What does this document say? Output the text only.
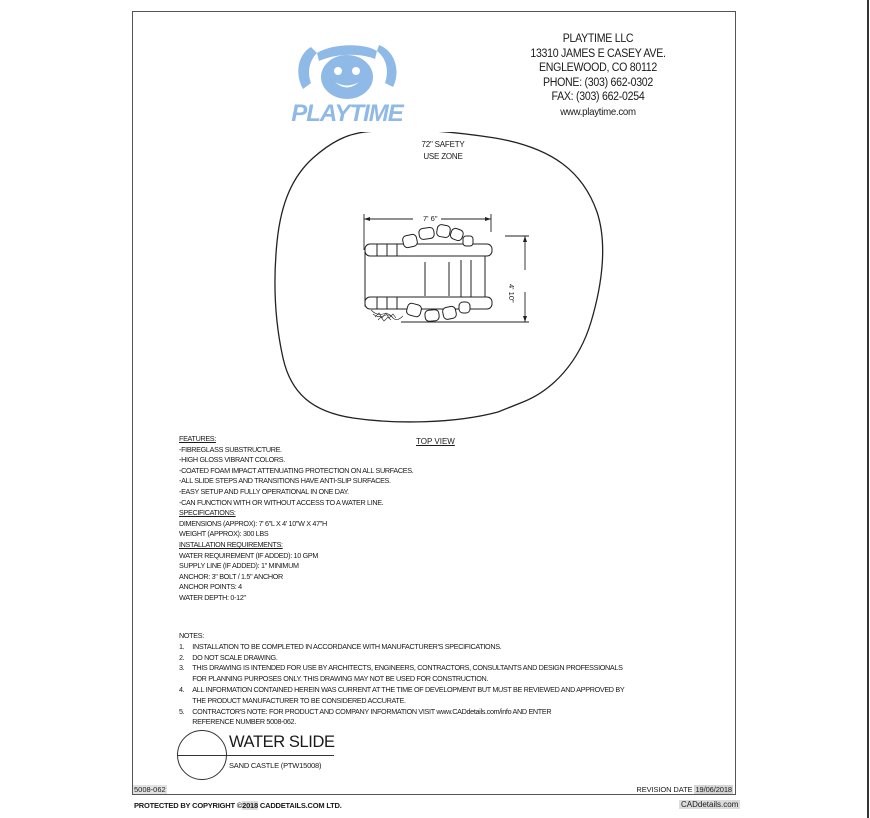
PLAYTIME
PLAYTIME LLC
13310 JAMES E CASEY AVE.
ENGLEWOOD, CO 80112
PHONE: (303) 662-0302
FAX: (303) 662-0254
www.playtime.com
72" SAFETY
USE ZONE
7' 6"
4' 10"
TOP VIEW
FEATURES:
-FIBREGLASS SUBSTRUCTURE.
-HIGH GLOSS VIBRANT COLORS.
-COATED FOAM IMPACT ATTENUATING PROTECTION ON ALL SURFACES.
-ALL SLIDE STEPS AND TRANSITIONS HAVE ANTI-SLIP SURFACES.
-EASY SETUP AND FULLY OPERATIONAL IN ONE DAY.
-CAN FUNCTION WITH OR WITHOUT ACCESS TO A WATER LINE.
SPECIFICATIONS:
DIMENSIONS (APPROX): 7' 6"L X 4' 10"W X 47"H
WEIGHT (APPROX): 300 LBS
INSTALLATION REQUIREMENTS:
WATER REQUIREMENT (IF ADDED): 10 GPM
SUPPLY LINE (IF ADDED): 1" MINIMUM
ANCHOR: 3" BOLT / 1.5" ANCHOR
ANCHOR POINTS: 4
WATER DEPTH: 0-12"
NOTES:
1.	INSTALLATION TO BE COMPLETED IN ACCORDANCE WITH MANUFACTURER'S SPECIFICATIONS.
2.	DO NOT SCALE DRAWING.
3.	THIS DRAWING IS INTENDED FOR USE BY ARCHITECTS, ENGINEERS, CONTRACTORS, CONSULTANTS AND DESIGN PROFESSIONALS
FOR PLANNING PURPOSES ONLY. THIS DRAWING MAY NOT BE USED FOR CONSTRUCTION.
4.	ALL INFORMATION CONTAINED HEREIN WAS CURRENT AT THE TIME OF DEVELOPMENT BUT MUST BE REVIEWED AND APPROVED BY
THE PRODUCT MANUFACTURER TO BE CONSIDERED ACCURATE.
5.	CONTRACTOR'S NOTE: FOR PRODUCT AND COMPANY INFORMATION VISIT www.CADdetails.com/info AND ENTER
REFERENCE NUMBER 5008-062.
WATER SLIDE
SAND CASTLE (PTW15008)
5008-062	REVISION DATE 19/06/2018
PROTECTED BY COPYRIGHT ©2018 CADDETAILS.COM LTD.	CADdetails.com
